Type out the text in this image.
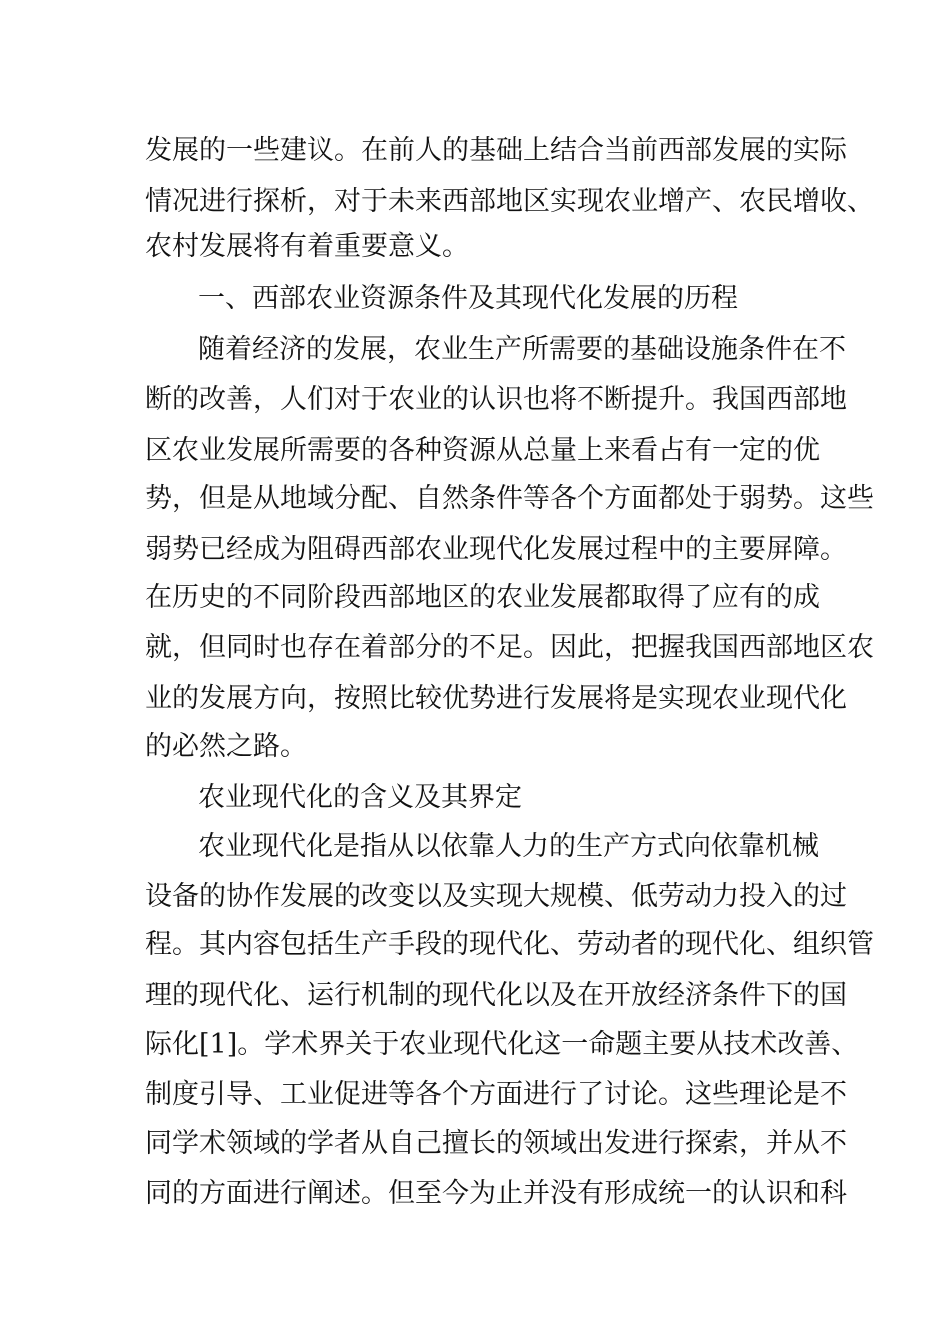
发展的一些建议。在前人的基础上结合当前西部发展的实际
情况进行探析，对于未来西部地区实现农业增产、农民增收、
农村发展将有着重要意义。
一、西部农业资源条件及其现代化发展的历程
随着经济的发展，农业生产所需要的基础设施条件在不
断的改善，人们对于农业的认识也将不断提升。我国西部地
区农业发展所需要的各种资源从总量上来看占有一定的优
势，但是从地域分配、自然条件等各个方面都处于弱势。这些
弱势已经成为阻碍西部农业现代化发展过程中的主要屏障。
在历史的不同阶段西部地区的农业发展都取得了应有的成
就，但同时也存在着部分的不足。因此，把握我国西部地区农
业的发展方向，按照比较优势进行发展将是实现农业现代化
的必然之路。
农业现代化的含义及其界定
农业现代化是指从以依靠人力的生产方式向依靠机械
设备的协作发展的改变以及实现大规模、低劳动力投入的过
程。其内容包括生产手段的现代化、劳动者的现代化、组织管
理的现代化、运行机制的现代化以及在开放经济条件下的国
际化[1]。学术界关于农业现代化这一命题主要从技术改善、
制度引导、工业促进等各个方面进行了讨论。这些理论是不
同学术领域的学者从自己擅长的领域出发进行探索，并从不
同的方面进行阐述。但至今为止并没有形成统一的认识和科
